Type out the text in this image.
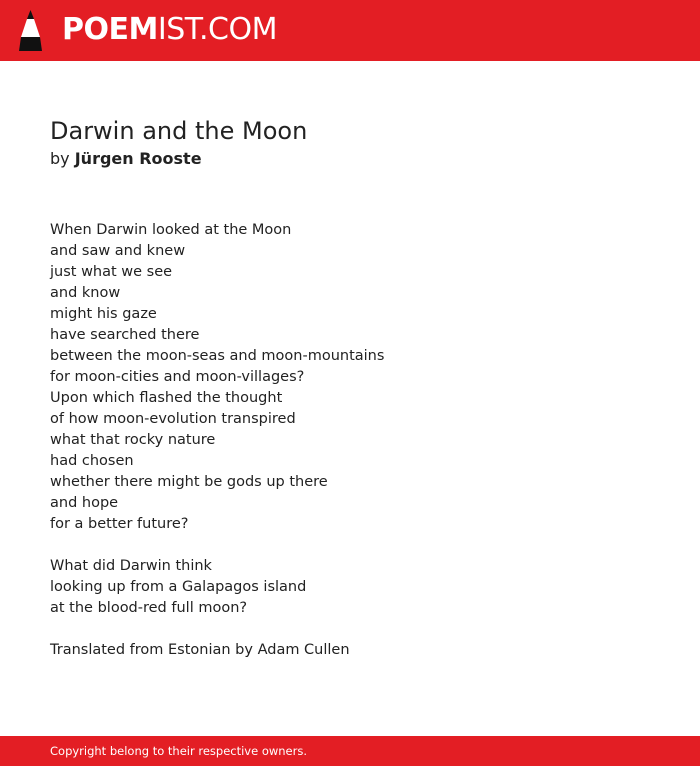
POEMIST.COM
Darwin and the Moon
by Jürgen Rooste
When Darwin looked at the Moon
and saw and knew
just what we see
and know
might his gaze
have searched there
between the moon-seas and moon-mountains
for moon-cities and moon-villages?
Upon which flashed the thought
of how moon-evolution transpired
what that rocky nature
had chosen
whether there might be gods up there
and hope
for a better future?
What did Darwin think
looking up from a Galapagos island
at the blood-red full moon?
Translated from Estonian by Adam Cullen
Copyright belong to their respective owners.
